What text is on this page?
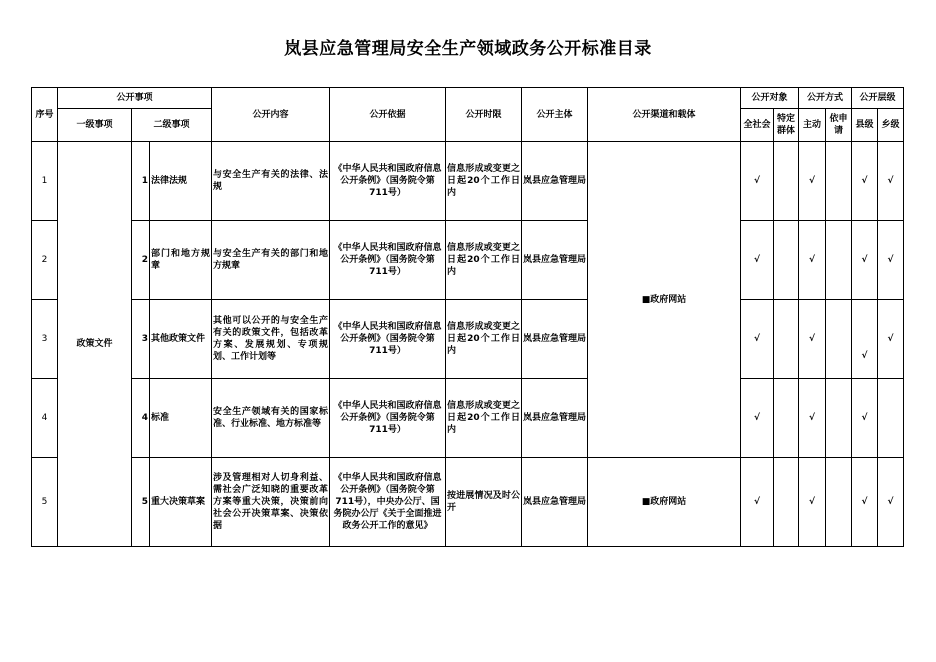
岚县应急管理局安全生产领域政务公开标准目录
序号	公开事项			公开内容	公开依据	公开时限	公开主体	公开渠道和载体	公开对象		公开方式		公开层级	
	一级事项	二级事项							全社会	特定群体	主动	依申请	县级	乡级
1	政策文件	1	法律法规	与安全生产有关的法律、法规	《中华人民共和国政府信息公开条例》（国务院令第711号）	信息形成或变更之日起20个工作日内	岚县应急管理局	■政府网站	√		√		√	√
2		2	部门和地方规章	与安全生产有关的部门和地方规章	《中华人民共和国政府信息公开条例》（国务院令第711号）	信息形成或变更之日起20个工作日内	岚县应急管理局		√		√		√	√
3		3	其他政策文件	其他可以公开的与安全生产有关的政策文件，包括改革方案、发展规划、专项规划、工作计划等	《中华人民共和国政府信息公开条例》（国务院令第711号）	信息形成或变更之日起20个工作日内	岚县应急管理局		√		√		√	√
4		4	标准	安全生产领域有关的国家标准、行业标准、地方标准等	《中华人民共和国政府信息公开条例》（国务院令第711号）	信息形成或变更之日起20个工作日内	岚县应急管理局		√		√		√	
5		5	重大决策草案	涉及管理相对人切身利益、需社会广泛知晓的重要改革方案等重大决策，决策前向社会公开决策草案、决策依据	《中华人民共和国政府信息公开条例》（国务院令第711号），中央办公厅、国务院办公厅《关于全面推进政务公开工作的意见》	按进展情况及时公开	岚县应急管理局	■政府网站	√		√		√	√
